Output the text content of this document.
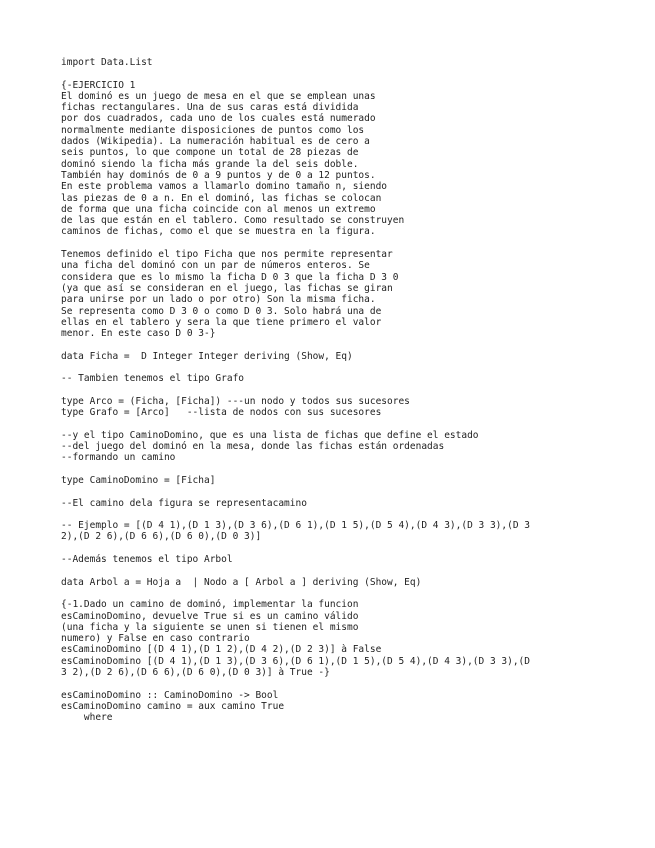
import Data.List
{-EJERCICIO 1
El dominó es un juego de mesa en el que se emplean unas
fichas rectangulares. Una de sus caras está dividida
por dos cuadrados, cada uno de los cuales está numerado
normalmente mediante disposiciones de puntos como los
dados (Wikipedia). La numeración habitual es de cero a
seis puntos, lo que compone un total de 28 piezas de
dominó siendo la ficha más grande la del seis doble.
También hay dominós de 0 a 9 puntos y de 0 a 12 puntos.
En este problema vamos a llamarlo domino tamaño n, siendo
las piezas de 0 a n. En el dominó, las fichas se colocan
de forma que una ficha coincide con al menos un extremo
de las que están en el tablero. Como resultado se construyen
caminos de fichas, como el que se muestra en la figura.
Tenemos definido el tipo Ficha que nos permite representar
una ficha del dominó con un par de números enteros. Se
considera que es lo mismo la ficha D 0 3 que la ficha D 3 0
(ya que así se consideran en el juego, las fichas se giran
para unirse por un lado o por otro) Son la misma ficha.
Se representa como D 3 0 o como D 0 3. Solo habrá una de
ellas en el tablero y sera la que tiene primero el valor
menor. En este caso D 0 3-}
data Ficha =  D Integer Integer deriving (Show, Eq)
-- Tambien tenemos el tipo Grafo
type Arco = (Ficha, [Ficha]) ---un nodo y todos sus sucesores
type Grafo = [Arco]   --lista de nodos con sus sucesores
--y el tipo CaminoDomino, que es una lista de fichas que define el estado
--del juego del dominó en la mesa, donde las fichas están ordenadas
--formando un camino
type CaminoDomino = [Ficha]
--El camino dela figura se representacamino
-- Ejemplo = [(D 4 1),(D 1 3),(D 3 6),(D 6 1),(D 1 5),(D 5 4),(D 4 3),(D 3 3),(D 3
2),(D 2 6),(D 6 6),(D 6 0),(D 0 3)]
--Además tenemos el tipo Arbol
data Arbol a = Hoja a  | Nodo a [ Arbol a ] deriving (Show, Eq)
{-1.Dado un camino de dominó, implementar la funcion
esCaminoDomino, devuelve True si es un camino válido
(una ficha y la siguiente se unen si tienen el mismo
numero) y False en caso contrario
esCaminoDomino [(D 4 1),(D 1 2),(D 4 2),(D 2 3)] à False
esCaminoDomino [(D 4 1),(D 1 3),(D 3 6),(D 6 1),(D 1 5),(D 5 4),(D 4 3),(D 3 3),(D
3 2),(D 2 6),(D 6 6),(D 6 0),(D 0 3)] à True -}
esCaminoDomino :: CaminoDomino -> Bool
esCaminoDomino camino = aux camino True
where
